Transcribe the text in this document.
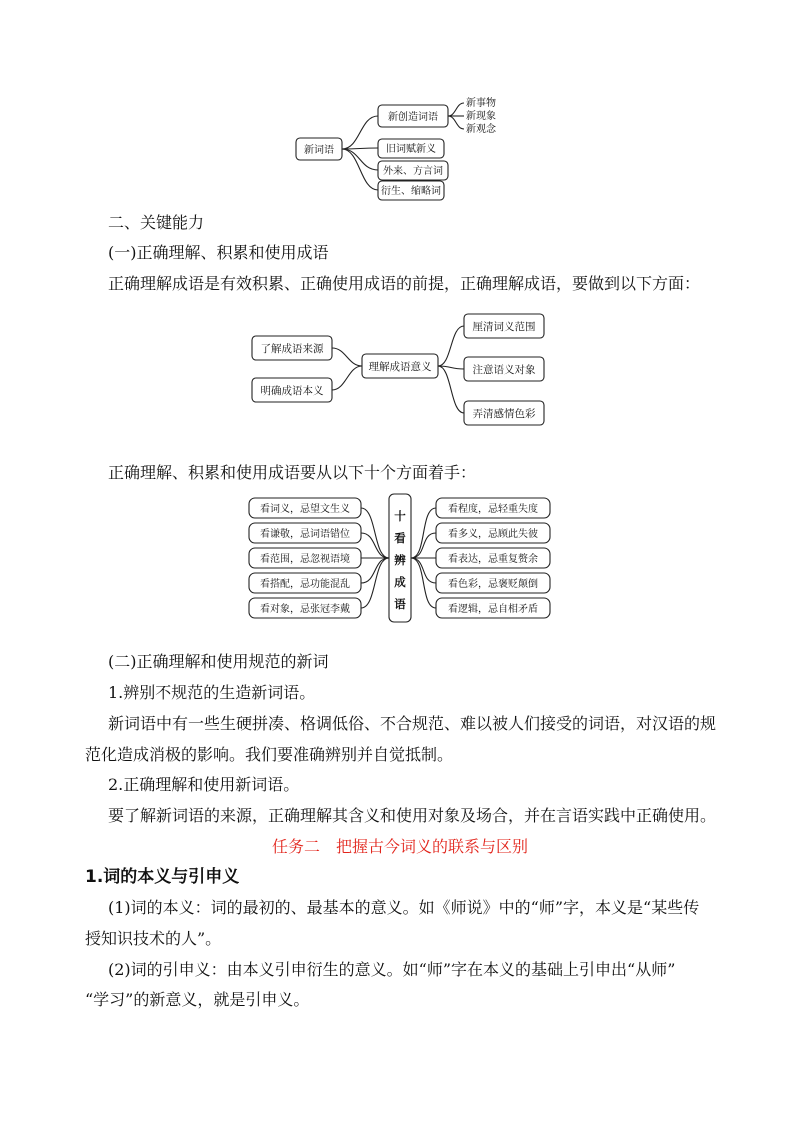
新词语
新创造词语
旧词赋新义
外来、方言词
衍生、缩略词
新事物
新现象
新观念
二、关键能力
(一)正确理解、积累和使用成语
正确理解成语是有效积累、正确使用成语的前提，正确理解成语，要做到以下方面：
了解成语来源
明确成语本义
理解成语意义
厘清词义范围
注意语义对象
弄清感情色彩
正确理解、积累和使用成语要从以下十个方面着手：
看词义，忌望文生义
看谦敬，忌词语错位
看范围，忌忽视语境
看搭配，忌功能混乱
看对象，忌张冠李戴
看程度，忌轻重失度
看多义，忌顾此失彼
看表达，忌重复赘余
看色彩，忌褒贬颠倒
看逻辑，忌自相矛盾
十
看
辨
成
语
(二)正确理解和使用规范的新词
1.辨别不规范的生造新词语。
新词语中有一些生硬拼凑、格调低俗、不合规范、难以被人们接受的词语，对汉语的规
范化造成消极的影响。我们要准确辨别并自觉抵制。
2.正确理解和使用新词语。
要了解新词语的来源，正确理解其含义和使用对象及场合，并在言语实践中正确使用。
任务二　把握古今词义的联系与区别
1.词的本义与引申义
(1)词的本义：词的最初的、最基本的意义。如《师说》中的“师”字，本义是“某些传
授知识技术的人”。
(2)词的引申义：由本义引申衍生的意义。如“师”字在本义的基础上引申出“从师”
“学习”的新意义，就是引申义。
